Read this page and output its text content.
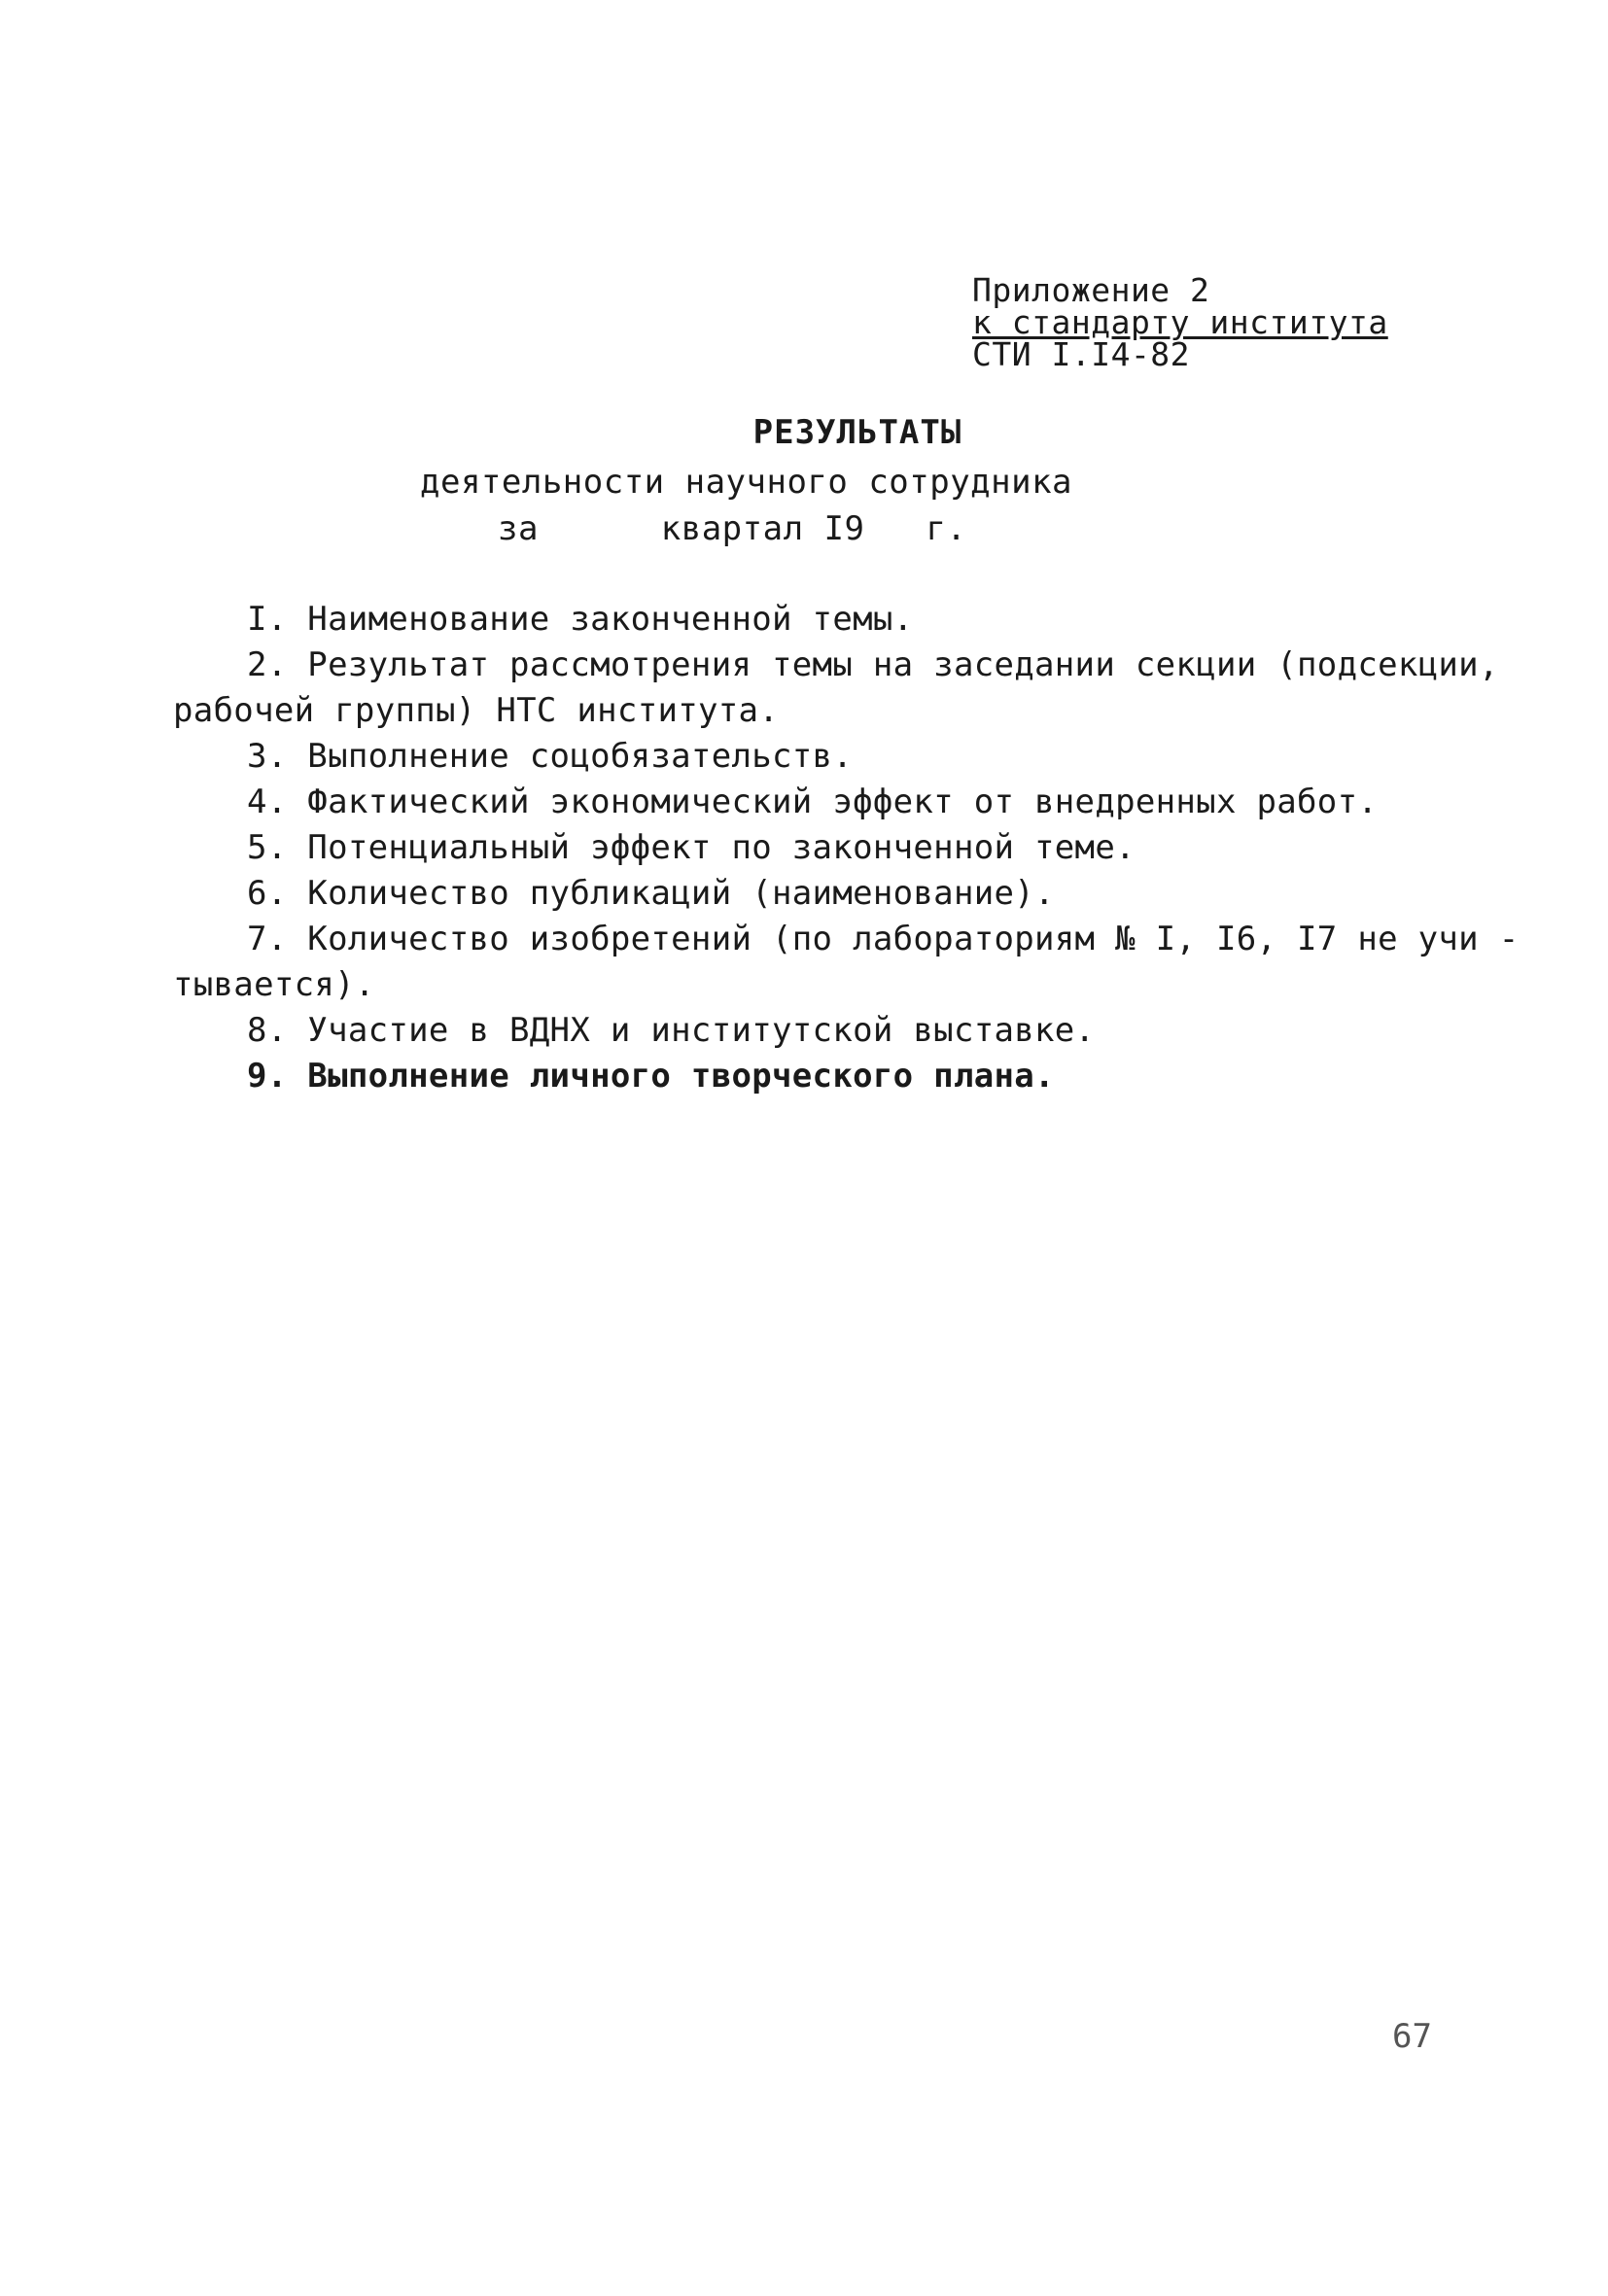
Приложение 2
к стандарту института
СТИ I.I4-82
РЕЗУЛЬТАТЫ
деятельности научного сотрудника
за      квартал I9   г.
I. Наименование законченной темы.
2. Результат рассмотрения темы на заседании секции (подсекции,
рабочей группы) НТС института.
3. Выполнение соцобязательств.
4. Фактический экономический эффект от внедренных работ.
5. Потенциальный эффект по законченной теме.
6. Количество публикаций (наименование).
7. Количество изобретений (по лабораториям № I, I6, I7 не учи -
тывается).
8. Участие в ВДНХ и институтской выставке.
9. Выполнение личного творческого плана.
67
